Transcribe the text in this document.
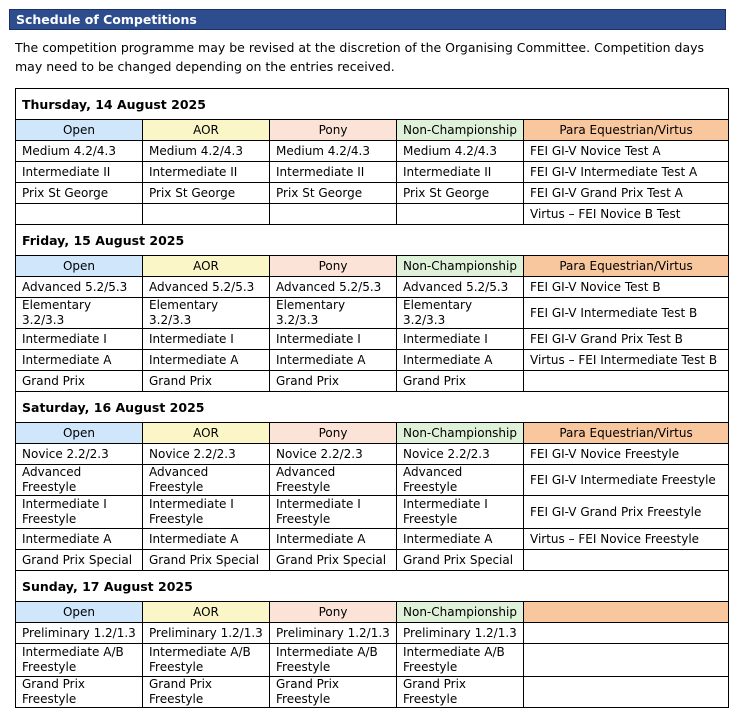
Schedule of Competitions
The competition programme may be revised at the discretion of the Organising Committee. Competition days may need to be changed depending on the entries received.
Thursday, 14 August 2025				
Open	AOR	Pony	Non-Championship	Para Equestrian/Virtus
Medium 4.2/4.3	Medium 4.2/4.3	Medium 4.2/4.3	Medium 4.2/4.3	FEI GI-V Novice Test A
Intermediate II	Intermediate II	Intermediate II	Intermediate II	FEI GI-V Intermediate Test A
Prix St George	Prix St George	Prix St George	Prix St George	FEI GI-V Grand Prix Test A
				Virtus – FEI Novice B Test
Friday, 15 August 2025				
Open	AOR	Pony	Non-Championship	Para Equestrian/Virtus
Advanced 5.2/5.3	Advanced 5.2/5.3	Advanced 5.2/5.3	Advanced 5.2/5.3	FEI GI-V Novice Test B
Elementary 3.2/3.3	Elementary 3.2/3.3	Elementary 3.2/3.3	Elementary 3.2/3.3	FEI GI-V Intermediate Test B
Intermediate I	Intermediate I	Intermediate I	Intermediate I	FEI GI-V Grand Prix Test B
Intermediate A	Intermediate A	Intermediate A	Intermediate A	Virtus – FEI Intermediate Test B
Grand Prix	Grand Prix	Grand Prix	Grand Prix	
Saturday, 16 August 2025				
Open	AOR	Pony	Non-Championship	Para Equestrian/Virtus
Novice 2.2/2.3	Novice 2.2/2.3	Novice 2.2/2.3	Novice 2.2/2.3	FEI GI-V Novice Freestyle
Advanced Freestyle	Advanced Freestyle	Advanced Freestyle	Advanced Freestyle	FEI GI-V Intermediate Freestyle
Intermediate I Freestyle	Intermediate I Freestyle	Intermediate I Freestyle	Intermediate I Freestyle	FEI GI-V Grand Prix Freestyle
Intermediate A	Intermediate A	Intermediate A	Intermediate A	Virtus – FEI Novice Freestyle
Grand Prix Special	Grand Prix Special	Grand Prix Special	Grand Prix Special	
Sunday, 17 August 2025				
Open	AOR	Pony	Non-Championship	
Preliminary 1.2/1.3	Preliminary 1.2/1.3	Preliminary 1.2/1.3	Preliminary 1.2/1.3	
Intermediate A/B Freestyle	Intermediate A/B Freestyle	Intermediate A/B Freestyle	Intermediate A/B Freestyle	
Grand Prix Freestyle	Grand Prix Freestyle	Grand Prix Freestyle	Grand Prix Freestyle	
